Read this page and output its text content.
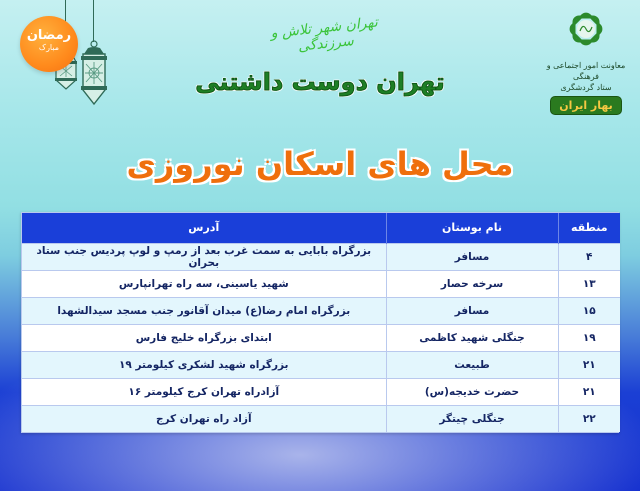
رمضان
مبارک
تهران شهر تلاش و سرزندگی
تهران دوست داشتنی
معاونت امور اجتماعی و فرهنگی
ستاد گردشگری
بهار ایران
محل های اسکان نوروزی
منطقه	نام بوستان	آدرس
۴	مسافر	بزرگراه بابایی به سمت غرب بعد از رمپ و لوپ پردیس جنب ستاد بحران
۱۳	سرخه حصار	شهید یاسینی، سه راه تهرانپارس
۱۵	مسافر	بزرگراه امام رضا(ع) میدان آقانور جنب مسجد سیدالشهدا
۱۹	جنگلی شهید کاظمی	ابتدای بزرگراه خلیج فارس
۲۱	طبیعت	بزرگراه شهید لشکری کیلومتر ۱۹
۲۱	حضرت خدیجه(س)	آزادراه تهران کرج کیلومتر ۱۶
۲۲	جنگلی چیتگر	آزاد راه تهران کرج
